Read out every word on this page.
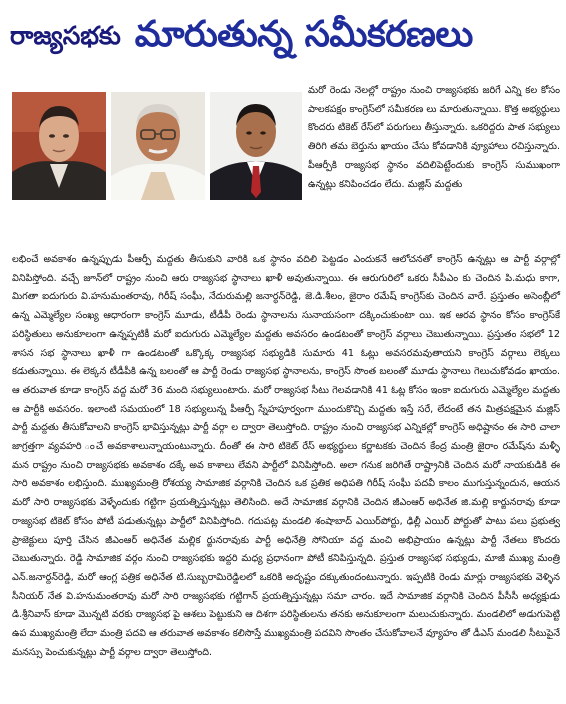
రాజ్యసభకు మారుతున్న సమీకరణలు

మరో రెండు నెలల్లో రాష్ట్రం నుంచి రాజ్యసభకు జరిగే ఎన్ని కల కోసం పాలకపక్షం కాంగ్రెస్‌లో సమీకరణ లు మారుతున్నాయి. కొత్త అభ్యర్థులు కొందరు టికెట్ రేస్‌లో పరుగులు తీస్తున్నారు. ఒకరిద్దరు పాత సభ్యులు తిరిగి తమ బెర్తును ఖాయం చేసు కోవడానికి వ్యూహాలు రచిస్తున్నారు. పీఆర్పీకి రాజ్యసభ స్థానం వదిలిపెట్టేందుకు కాంగ్రెస్ సుముఖంగా ఉన్నట్లు కనిపించడం లేదు. మజ్లిస్ మద్దతు

లభించే అవకాశం ఉన్నప్పుడు పీఆర్పీ మద్దతు తీసుకుని వారికి ఒక స్థానం వదిలి పెట్టడం ఎందుకనే ఆలోచనతో కాంగ్రెస్ ఉన్నట్లు ఆ పార్టీ వర్గాల్లో వినిపిస్తోంది. వచ్చే జూన్‌లో రాష్ట్రం నుంచి ఆరు రాజ్యసభ స్థానాలు ఖాళీ అవుతున్నాయి. ఈ ఆరుగురిలో ఒకరు సీపీఎం కు చెందిన పి.మధు కాగా, మిగతా ఐదుగురు వి.హనుమంతరావు, గిరీష్ సంఘీ, నేదురుమల్లి జనార్ధన్‌రెడ్డి, జె.డి.శీలం, జైరాం రమేష్ కాంగ్రెస్‌కు చెందిన వారే. ప్రస్తుతం అసెంబ్లీలో ఉన్న ఎమ్మెల్యేల సంఖ్య ఆధారంగా కాంగ్రెస్ మూడు, టీడీపీ రెండు స్థానాలను సునాయసంగా దక్కించుకుంటా యి. ఇక ఆరవ స్థానం కోసం కాంగ్రెస్‌కే పరిస్థితులు అనుకూలంగా ఉన్నప్పటికీ మరో ఐదుగురు ఎమ్మెల్యేల మద్దతు అవసరం ఉండటంతో కాంగ్రెస్ వర్గాలు చెబుతున్నాయి. ప్రస్తుతం సభలో 12 శాసన సభ స్థానాలు ఖాళీ గా ఉండటంతో ఒక్కొక్క రాజ్యసభ సభ్యుడికి సుమారు 41 ఓట్లు అవసరమవుతాయని కాంగ్రెస్ వర్గాలు లెక్కలు కడుతున్నాయి. ఈ లెక్కన టీడీపీకి ఉన్న బలంతో ఆ పార్టీ రెండు రాజ్యసభ స్థానాలను, కాంగ్రెస్ సొంత బలంతో మూడు స్థానాలు గెలుచుకోవడం ఖాయం. ఆ తరువాత కూడా కాంగ్రెస్ వద్ద మరో 36 మంది సభ్యులుంటారు. మరో రాజ్యసభ సీటు గెలవడానికి 41 ఓట్ల కోసం ఇంకా ఐదుగురు ఎమ్మెల్యేల మద్దతు ఆ పార్టీకి అవసరం. ఇలాంటి సమయంలో 18 సభ్యులున్న పీఆర్పీ స్నేహపూర్వంగా ముందుకొచ్చి మద్దతు ఇస్తే సరే, లేదంటే తన మిత్రపక్షమైన మజ్లిస్ పార్టీ మద్దతు తీసుకోవాలని కాంగ్రెస్ భావిస్తున్నట్లు పార్టీ వర్గా ల ద్వారా తెలుస్తోంది. రాష్ట్రం నుంచి రాజ్యసభ ఎన్నికల్లో కాంగ్రెస్ అధిష్టానం ఈ సారి చాలా జాగ్రత్తగా వ్యవహరి ంచే అవకాశాలున్నాయంటున్నారు. దీంతో ఈ సారి టికెట్ రేస్ అభ్యర్థులు కర్ణాటకకు చెందిన కేంద్ర మంత్రి జైరాం రమేష్‌ను మళ్ళీ మన రాష్ట్రం నుంచి రాజ్యసభకు అవకాశం దక్కే అవ కాశాలు లేవని పార్టీలో వినిపిస్తోంది. అలా గనుక జరిగితే రాష్ట్రానికి చెందిన మరో నాయకుడికి ఈ సారి అవకాశం లభిస్తుంది. ముఖ్యమంత్రి రోశయ్య సామాజిక వర్గానికి చెందిన ఒక ప్రతిక అధిపతి గిరీష్ సంఘీ పదవీ కాలం ముగుస్తున్నందున, ఆయన మరో సారి రాజ్యసభకు వెళ్ళేందుకు గట్టిగా ప్రయత్నిస్తున్నట్లు తెలిసింది. అదే సామాజిక వర్గానికి చెందిన జీఎంఆర్ అధినేత జి.మల్లి కార్జునరావు కూడా రాజ్యసభ టికెట్ కోసం పోటీ పడుతున్నట్లు పార్టీలో వినిపిస్తోంది. గదుపట్ల మండలి శంషాబాద్ ఎయిర్‌పోర్టు, ఢిల్లీ ఎయిర్ పోర్టుతో పాటు పలు ప్రభుత్వ ప్రాజెక్టులు పూర్తి చేసిన జీఎంఆర్ అధినేత మల్లిక ర్జునరావుకు పార్టీ అధినేత్రి సోనియా వద్ద మంచి అభిప్రాయం ఉన్నట్లు పార్టీ నేతలు కొందరు చెబుతున్నారు. రెడ్డి సామాజిక వర్గం నుంచి రాజ్యసభకు ఇద్దరి మధ్య ప్రధానంగా పోటీ కనిపిస్తున్నది. ప్రస్తుత రాజ్యసభ సభ్యుడు, మాజీ ముఖ్య మంత్రి ఎన్.జనార్దన్‌రెడ్డి, మరో ఆంగ్ల పత్రిక అధినేత టి.సుబ్బరామిరెడ్డిలలో ఒకరికి అదృష్టం దక్కుతుందంటున్నారు. ఇప్పటికి రెండు మార్లు రాజ్యసభకు వెళ్ళిన సీనియర్ నేత వి.హనుమంతరావు మరో సారి రాజ్యసభకు గట్టిగాన్ ప్రయత్నిస్తున్నట్లు సమా చారం. ఇదే సామాజిక వర్గానికి చెందిన పీసీసీ అధ్యక్షుడు డి.శ్రీనివాస్ కూడా మొన్నటి వరకు రాజ్యసభ పై ఆశలు పెట్టుకుని ఆ దిశగా పరిస్థితులను తనకు అనుకూలంగా మలుచుకున్నారు. మండలిలో అడుగుపెట్టి ఉప ముఖ్యమంత్రి లేదా మంత్రి పదవి ఆ తరువాత అవకాశం కలిసొస్తే ముఖ్యమంత్రి పదవిని సొంతం చేసుకోవాలనే వ్యూహం తో డీఎస్ మండలి సీటుపైనే మనస్సు పెంచుకున్నట్లు పార్టీ వర్గాల ద్వారా తెలుస్తోంది.
